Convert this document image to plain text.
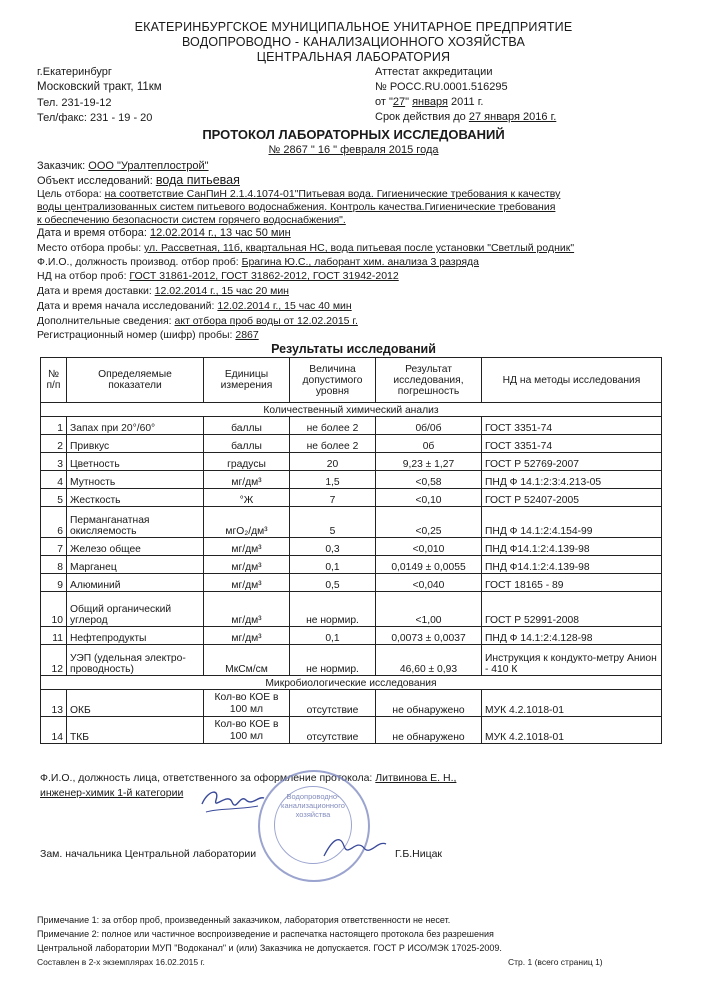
ЕКАТЕРИНБУРГСКОЕ МУНИЦИПАЛЬНОЕ УНИТАРНОЕ ПРЕДПРИЯТИЕ
ВОДОПРОВОДНО - КАНАЛИЗАЦИОННОГО ХОЗЯЙСТВА
ЦЕНТРАЛЬНАЯ ЛАБОРАТОРИЯ
г.Екатеринбург
Московский тракт, 11км
Тел. 231-19-12
Тел/факс: 231 - 19 - 20
Аттестат аккредитации
№ РОСС.RU.0001.516295
от "27" января 2011 г.
Срок действия до 27 января 2016 г.
ПРОТОКОЛ ЛАБОРАТОРНЫХ ИССЛЕДОВАНИЙ
№ 2867 " 16 " февраля 2015 года
Заказчик: ООО "Уралтеплострой"
Объект исследований: вода питьевая
Цель отбора: на соответствие СанПиН 2.1.4.1074-01"Питьевая вода. Гигиенические требования к качеству
воды централизованных систем питьевого водоснабжения. Контроль качества.Гигиенические требования
к обеспечению безопасности систем горячего водоснабжения".
Дата и время отбора: 12.02.2014 г., 13 час 50 мин
Место отбора пробы: ул. Рассветная, 11б, квартальная НС, вода питьевая после установки "Светлый родник"
Ф.И.О., должность производ. отбор проб: Брагина Ю.С., лаборант хим. анализа 3 разряда
НД на отбор проб: ГОСТ 31861-2012, ГОСТ 31862-2012, ГОСТ 31942-2012
Дата и время доставки: 12.02.2014 г., 15 час 20 мин
Дата и время начала исследований: 12.02.2014 г., 15 час 40 мин
Дополнительные сведения: акт отбора проб воды от 12.02.2015 г.
Регистрационный номер (шифр) пробы: 2867
Результаты исследований
№ п/п	Определяемые показатели	Единицы измерения	Величина допустимого уровня	Результат исследования, погрешность	НД на методы исследования
Количественный химический анализ					
1	Запах при 20°/60°	баллы	не более 2	0б/0б	ГОСТ 3351-74
2	Привкус	баллы	не более 2	0б	ГОСТ 3351-74
3	Цветность	градусы	20	9,23 ± 1,27	ГОСТ Р 52769-2007
4	Мутность	мг/дм³	1,5	<0,58	ПНД Ф 14.1:2:3:4.213-05
5	Жесткость	°Ж	7	<0,10	ГОСТ Р 52407-2005
6	Перманганатная окисляемость	мгО₂/дм³	5	<0,25	ПНД Ф 14.1:2:4.154-99
7	Железо общее	мг/дм³	0,3	<0,010	ПНД Ф14.1:2:4.139-98
8	Марганец	мг/дм³	0,1	0,0149 ± 0,0055	ПНД Ф14.1:2:4.139-98
9	Алюминий	мг/дм³	0,5	<0,040	ГОСТ 18165 - 89
10	Общий органический углерод	мг/дм³	не нормир.	<1,00	ГОСТ Р 52991-2008
11	Нефтепродукты	мг/дм³	0,1	0,0073 ± 0,0037	ПНД Ф 14.1:2:4.128-98
12	УЭП (удельная электро-проводность)	МкСм/см	не нормир.	46,60 ± 0,93	Инструкция к кондукто-метру Анион - 410 К
Микробиологические исследования					
13	ОКБ	Кол-во КОЕ в 100 мл	отсутствие	не обнаружено	МУК 4.2.1018-01
14	ТКБ	Кол-во КОЕ в 100 мл	отсутствие	не обнаружено	МУК 4.2.1018-01
Ф.И.О., должность лица, ответственного за оформление протокола: Литвинова Е. Н.,
инженер-химик 1-й категории	Водопроводно-канализационного хозяйства
Зам. начальника Центральной лаборатории	Г.Б.Ницак
Примечание 1: за отбор проб, произведенный заказчиком, лаборатория ответственности не несет.
Примечание 2: полное или частичное воспроизведение и распечатка настоящего протокола без разрешения
Центральной лаборатории МУП "Водоканал" и (или) Заказчика не допускается. ГОСТ Р ИСО/МЭК 17025-2009.
Составлен в 2-х экземплярах 16.02.2015 г.	Стр. 1 (всего страниц 1)
